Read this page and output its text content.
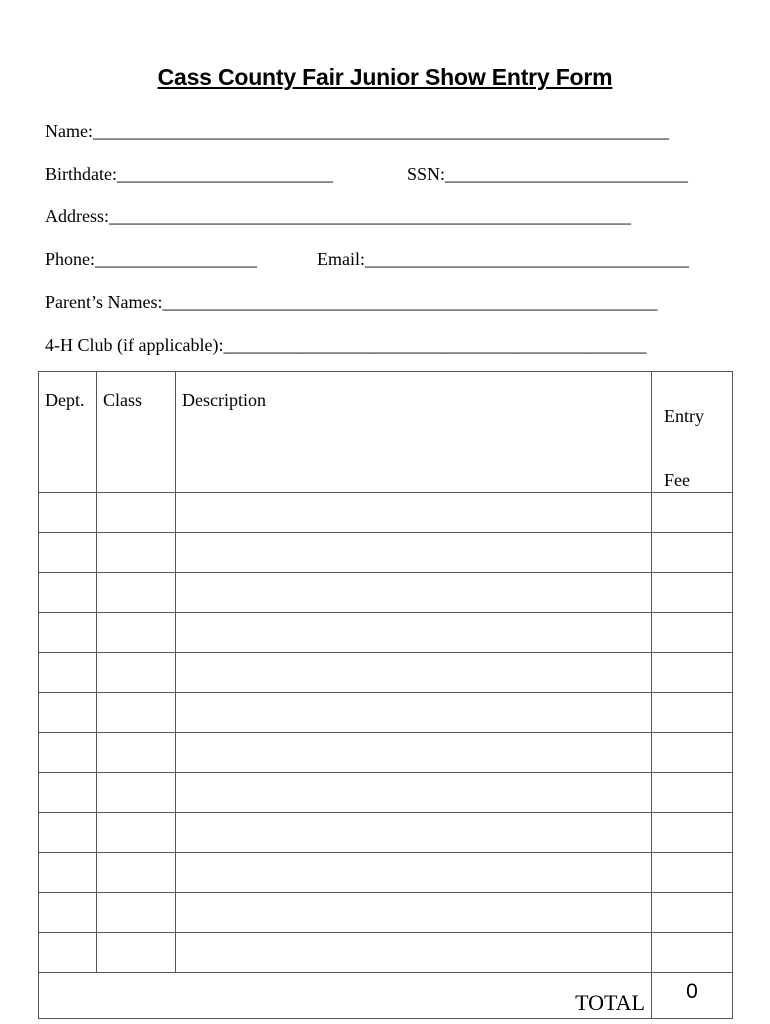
Cass County Fair Junior Show Entry Form
Name:________________________________________________________________
Birthdate:________________________	SSN:___________________________
Address:__________________________________________________________
Phone:__________________	Email:____________________________________
Parent’s Names:_______________________________________________________
4-H Club (if applicable):_______________________________________________
Dept.	Class	Description	Entry

Fee

TOTAL			0
